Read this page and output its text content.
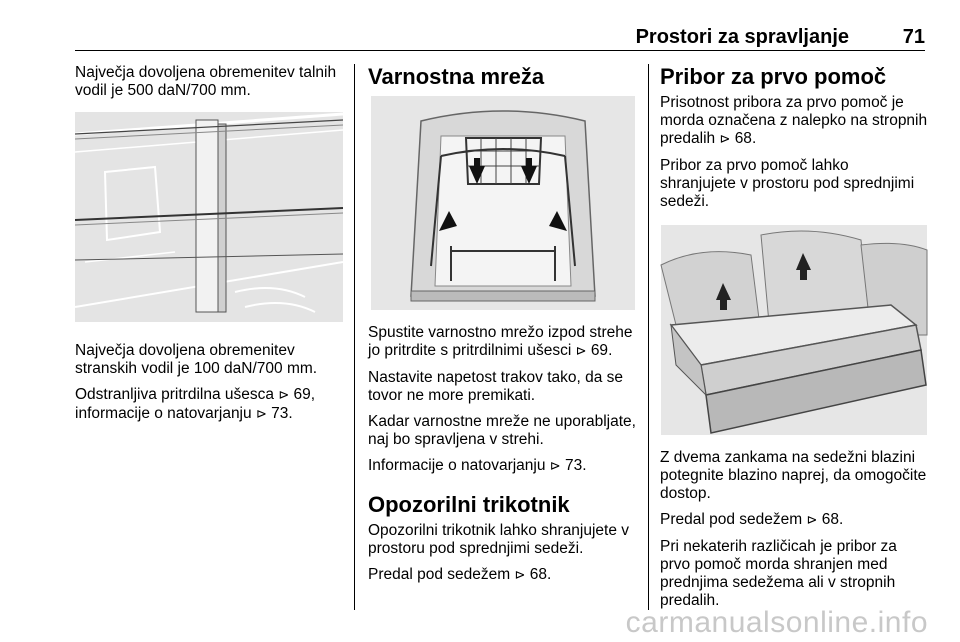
Prostori za spravljanje	71

Največja dovoljena obremenitev talnih vodil je 500 daN/700 mm.

Največja dovoljena obremenitev stranskih vodil je 100 daN/700 mm.

Odstranljiva pritrdilna ušesca ⊳ 69, informacije o natovarjanju ⊳ 73.

Varnostna mreža

Spustite varnostno mrežo izpod strehe jo pritrdite s pritrdilnimi ušesci ⊳ 69.

Nastavite napetost trakov tako, da se tovor ne more premikati.

Kadar varnostne mreže ne uporabljate, naj bo spravljena v strehi.

Informacije o natovarjanju ⊳ 73.

Opozorilni trikotnik

Opozorilni trikotnik lahko shranjujete v prostoru pod sprednjimi sedeži.

Predal pod sedežem ⊳ 68.

Pribor za prvo pomoč

Prisotnost pribora za prvo pomoč je morda označena z nalepko na stropnih predalih ⊳ 68.

Pribor za prvo pomoč lahko shranjujete v prostoru pod sprednjimi sedeži.

Z dvema zankama na sedežni blazini potegnite blazino naprej, da omogočite dostop.

Predal pod sedežem ⊳ 68.

Pri nekaterih različicah je pribor za prvo pomoč morda shranjen med prednjima sedežema ali v stropnih predalih.

carmanualsonline.info
